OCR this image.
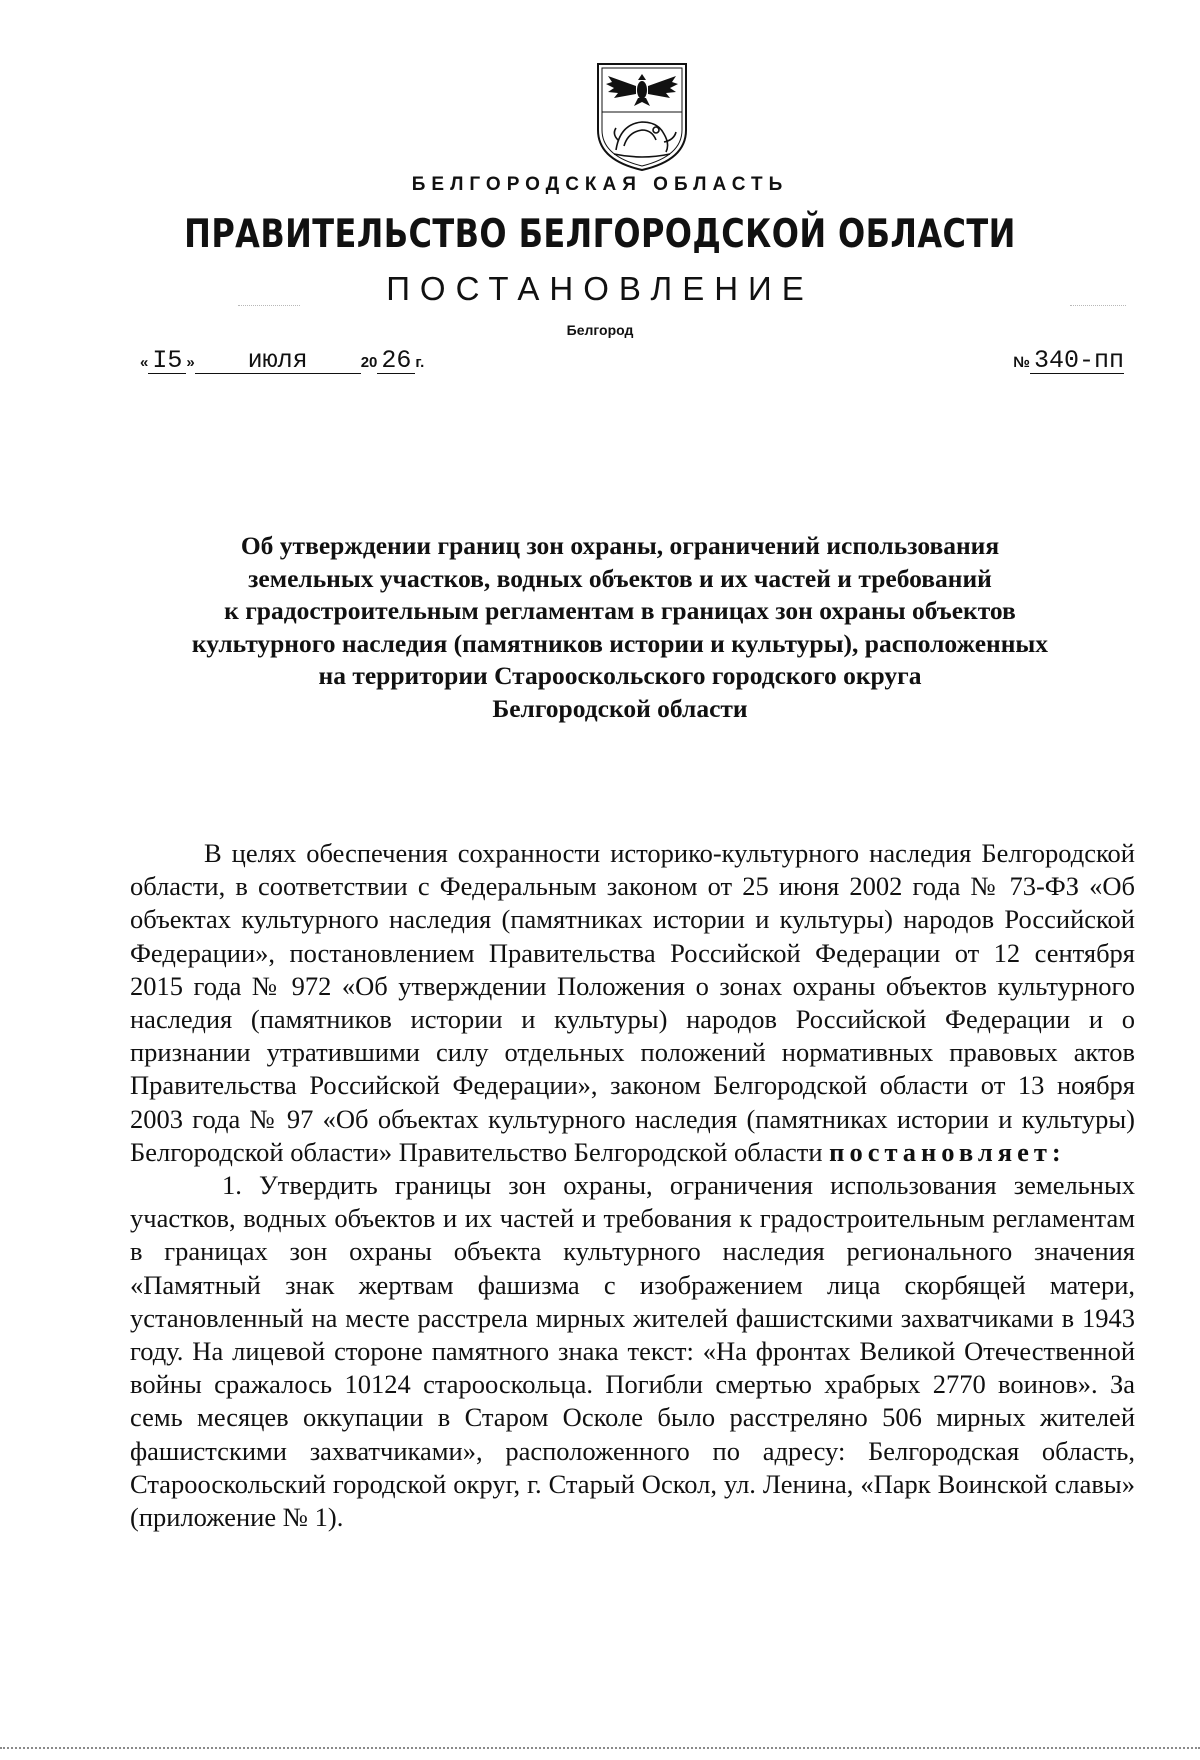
БЕЛГОРОДСКАЯ ОБЛАСТЬ
ПРАВИТЕЛЬСТВО БЕЛГОРОДСКОЙ ОБЛАСТИ
ПОСТАНОВЛЕНИЕ
Белгород
« I5 » июля	20 26 г.	№ 340-пп
Об утверждении границ зон охраны, ограничений использования
земельных участков, водных объектов и их частей и требований
к градостроительным регламентам в границах зон охраны объектов
культурного наследия (памятников истории и культуры), расположенных
на территории Старооскольского городского округа
Белгородской области

В целях обеспечения сохранности историко-культурного наследия Белгородской области, в соответствии с Федеральным законом от 25 июня 2002 года № 73-ФЗ «Об объектах культурного наследия (памятниках истории и культуры) народов Российской Федерации», постановлением Правительства Российской Федерации от 12 сентября 2015 года № 972 «Об утверждении Положения о зонах охраны объектов культурного наследия (памятников истории и культуры) народов Российской Федерации и о признании утратившими силу отдельных положений нормативных правовых актов Правительства Российской Федерации», законом Белгородской области от 13 ноября 2003 года № 97 «Об объектах культурного наследия (памятниках истории и культуры) Белгородской области» Правительство Белгородской области постановляет:

1. Утвердить границы зон охраны, ограничения использования земельных участков, водных объектов и их частей и требования к градостроительным регламентам в границах зон охраны объекта культурного наследия регионального значения «Памятный знак жертвам фашизма с изображением лица скорбящей матери, установленный на месте расстрела мирных жителей фашистскими захватчиками в 1943 году. На лицевой стороне памятного знака текст: «На фронтах Великой Отечественной войны сражалось 10124 старооскольца. Погибли смертью храбрых 2770 воинов». За семь месяцев оккупации в Старом Осколе было расстреляно 506 мирных жителей фашистскими захватчиками», расположенного по адресу: Белгородская область, Старооскольский городской округ, г. Старый Оскол, ул. Ленина, «Парк Воинской славы» (приложение № 1).
